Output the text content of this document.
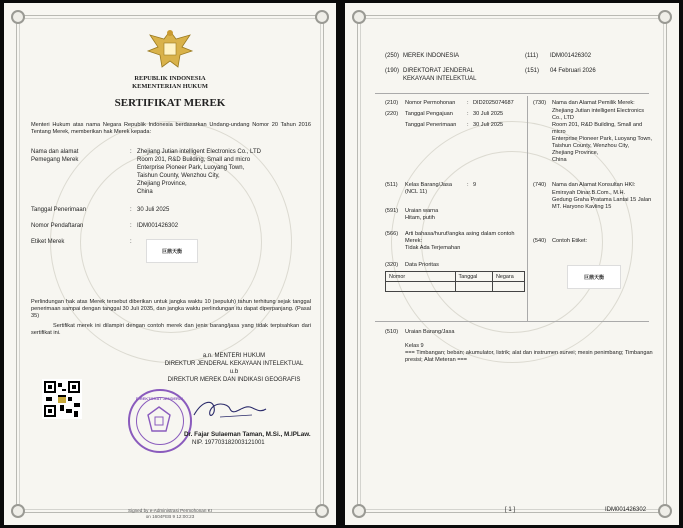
REPUBLIK INDONESIA
KEMENTERIAN HUKUM
SERTIFIKAT MEREK
Menteri Hukum atas nama Negara Republik Indonesia berdasarkan Undang-undang Nomor 20 Tahun 2016 Tentang Merek, memberikan hak Merek kepada:
Nama dan alamat
Pemegang Merek
: Zhejiang Jutian intelligent Electronics Co., LTD
Room 201, R&D Building, Small and micro
Enterprise Pioneer Park, Luoyang Town,
Taishun County, Wenzhou City,
Zhejiang Province,
China
Tanggal Penerimaan	: 30 Juli 2025
Nomor Pendaftaran	: IDM001426302
Etiket Merek	:
巨鼎天衡
Perlindungan hak atas Merek tersebut diberikan untuk jangka waktu 10 (sepuluh) tahun terhitung sejak tanggal penerimaan sampai dengan tanggal 30 Juli 2035, dan jangka waktu perlindungan itu dapat diperpanjang. (Pasal 35)
Sertifikat merek ini dilampiri dengan contoh merek dan jenis barang/jasa yang tidak terpisahkan dari sertifikat ini.
a.n. MENTERI HUKUM
DIREKTUR JENDERAL KEKAYAAN INTELEKTUAL
u.b
DIREKTUR MEREK DAN INDIKASI GEOGRAFIS
DIREKTORAT JENDERAL
Dr. Fajar Sulaeman Taman, M.Si., M.IPLaw.
NIP. 197703182003121001
Signed by e-Administrasi Permohonan KI
on 1604FEB 9 12:00:23
(250) MEREK INDONESIA	(111) IDM001426302
(190) DIREKTORAT JENDERAL
KEKAYAAN INTELEKTUAL
(151) 04 Februari 2026
(210) Nomor Permohonan : DID2025074687
(220) Tanggal Pengajuan	: 30 Juli 2025
Tanggal Penerimaan : 30 Juli 2025
(730) Nama dan Alamat Pemilik Merek:
Zhejiang Jutian intelligent Electronics
Co., LTD
Room 201, R&D Building, Small and
micro
Enterprise Pioneer Park, Luoyang Town,
Taishun County, Wenzhou City,
Zhejiang Province,
China
(511) Kelas Barang/Jasa	: 9
(NCL 11)
(740) Nama dan Alamat Konsultan HKI:
Emirsyah Dinar.B.Com., M.H.
Gedung Graha Pratama Lantai 15 Jalan
MT. Haryono Kavling 15
(591) Uraian warna
Hitam, putih
(566) Arti bahasa/huruf/angka asing dalam contoh
Merek:
Tidak Ada Terjemahan
(540) Contoh Etiket:
巨鼎天衡
(320) Data Prioritas
Nomor	Tanggal	Negara

(510) Uraian Barang/Jasa
Kelas 9
=== Timbangan; beban; akumulator, listrik; alat dan instrumen survei; mesin penimbang; Timbangan
presisi; Alat Meteran ===
[ 1 ]	IDM001426302
